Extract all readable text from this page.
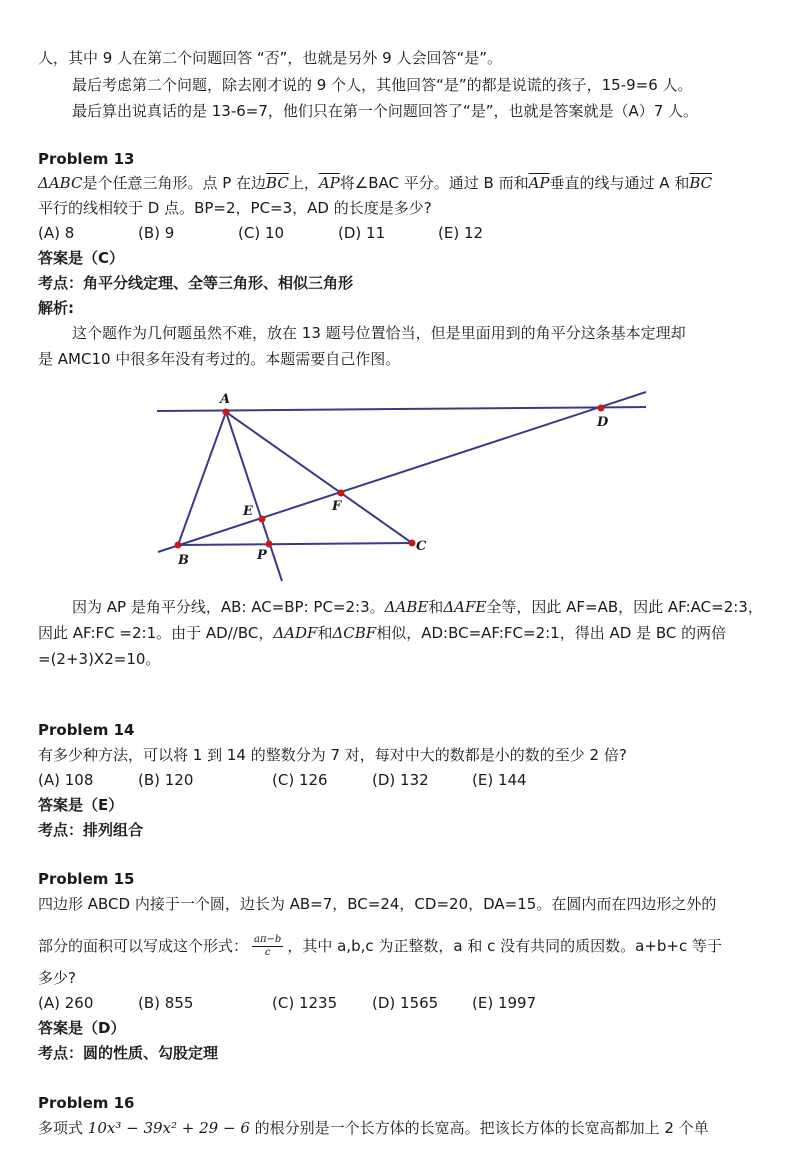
人，其中 9 人在第二个问题回答 “否”，也就是另外 9 人会回答“是”。
最后考虑第二个问题，除去刚才说的 9 个人，其他回答“是”的都是说谎的孩子，15-9=6 人。
最后算出说真话的是 13-6=7，他们只在第一个问题回答了“是”，也就是答案就是（A）7 人。
Problem 13
ΔABC是个任意三角形。点 P 在边$\overline{BC}$上，$\overline{AP}$将∠BAC 平分。通过 B 而和$\overline{AP}$垂直的线与通过 A 和$\overline{BC}$
平行的线相较于 D 点。BP=2，PC=3，AD 的长度是多少?
(A) 8	(B) 9	(C) 10	(D) 11	(E) 12
答案是（C）
考点：角平分线定理、全等三角形、相似三角形
解析:
这个题作为几何题虽然不难，放在 13 题号位置恰当，但是里面用到的角平分这条基本定理却
是 AMC10 中很多年没有考过的。本题需要自己作图。
A
D
E	F
B	P
C
因为 AP 是角平分线，AB: AC=BP: PC=2:3。ΔABE和ΔAFE全等，因此 AF=AB，因此 AF:AC=2:3，
因此 AF:FC =2:1。由于 AD//BC，ΔADF和ΔCBF相似，AD:BC=AF:FC=2:1，得出 AD 是 BC 的两倍
=(2+3)X2=10。
Problem 14
有多少种方法，可以将 1 到 14 的整数分为 7 对，每对中大的数都是小的数的至少 2 倍?
(A) 108	(B) 120	(C) 126	(D) 132	(E) 144
答案是（E）
考点：排列组合
Problem 15
四边形 ABCD 内接于一个圆，边长为 AB=7，BC=24，CD=20，DA=15。在圆内而在四边形之外的
部分的面积可以写成这个形式： $\frac{a\pi-b}{c}$ ，其中 a,b,c 为正整数，a 和 c 没有共同的质因数。a+b+c 等于
多少?
(A) 260	(B) 855	(C) 1235 (D) 1565 (E) 1997
答案是（D）
考点：圆的性质、勾股定理
Problem 16
多项式 10x³ − 39x² + 29 − 6 的根分别是一个长方体的长宽高。把该长方体的长宽高都加上 2 个单
